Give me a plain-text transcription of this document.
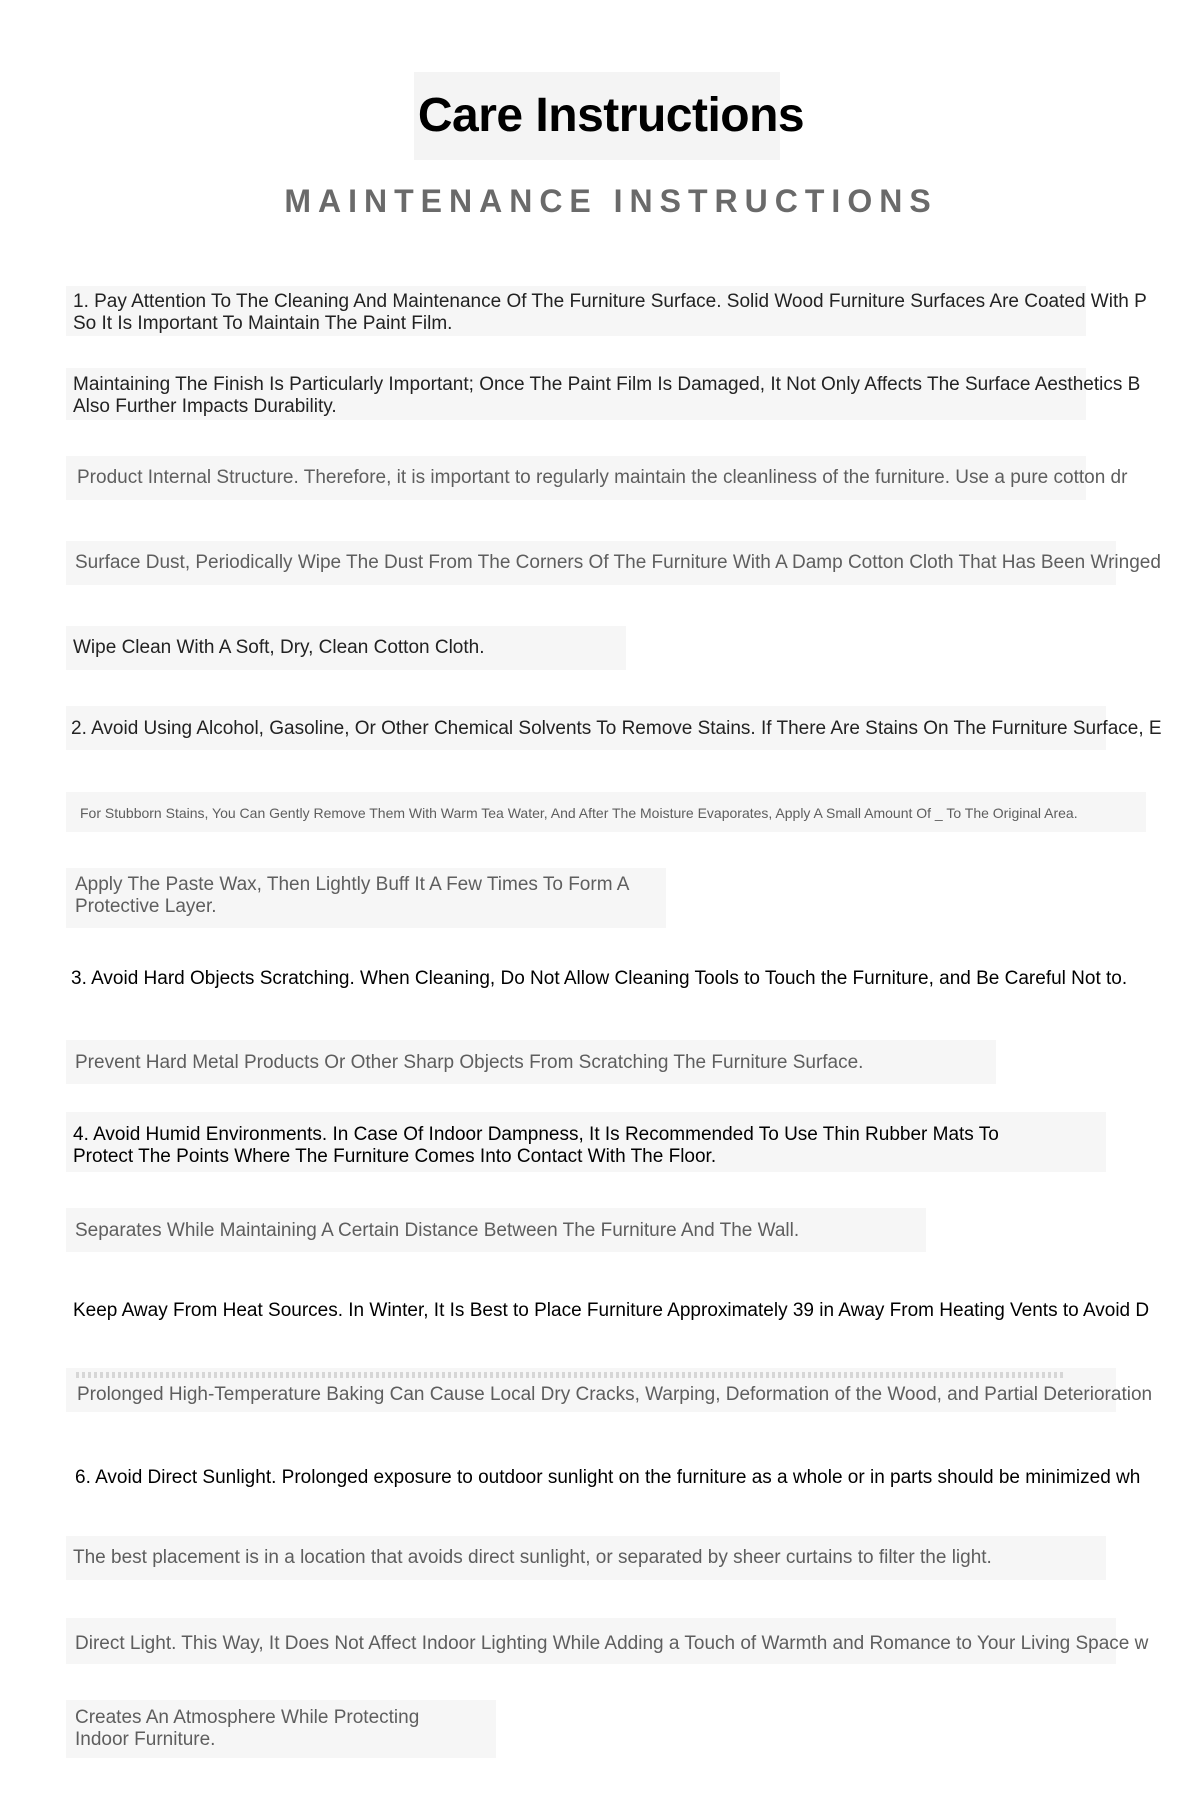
Care Instructions
MAINTENANCE INSTRUCTIONS

1. Pay Attention To The Cleaning And Maintenance Of The Furniture Surface. Solid Wood Furniture Surfaces Are Coated With P

So It Is Important To Maintain The Paint Film.

Maintaining The Finish Is Particularly Important; Once The Paint Film Is Damaged, It Not Only Affects The Surface Aesthetics B

Also Further Impacts Durability.

Product Internal Structure. Therefore, it is important to regularly maintain the cleanliness of the furniture. Use a pure cotton dr

Surface Dust, Periodically Wipe The Dust From The Corners Of The Furniture With A Damp Cotton Cloth That Has Been Wringed

Wipe Clean With A Soft, Dry, Clean Cotton Cloth.

2. Avoid Using Alcohol, Gasoline, Or Other Chemical Solvents To Remove Stains. If There Are Stains On The Furniture Surface, E

For Stubborn Stains, You Can Gently Remove Them With Warm Tea Water, And After The Moisture Evaporates, Apply A Small Amount Of _ To The Original Area.

Apply The Paste Wax, Then Lightly Buff It A Few Times To Form A

Protective Layer.

3. Avoid Hard Objects Scratching. When Cleaning, Do Not Allow Cleaning Tools to Touch the Furniture, and Be Careful Not to.

Prevent Hard Metal Products Or Other Sharp Objects From Scratching The Furniture Surface.

4. Avoid Humid Environments. In Case Of Indoor Dampness, It Is Recommended To Use Thin Rubber Mats To

Protect The Points Where The Furniture Comes Into Contact With The Floor.

Separates While Maintaining A Certain Distance Between The Furniture And The Wall.

Keep Away From Heat Sources. In Winter, It Is Best to Place Furniture Approximately 39 in Away From Heating Vents to Avoid D

Prolonged High-Temperature Baking Can Cause Local Dry Cracks, Warping, Deformation of the Wood, and Partial Deterioration

6. Avoid Direct Sunlight. Prolonged exposure to outdoor sunlight on the furniture as a whole or in parts should be minimized wh

The best placement is in a location that avoids direct sunlight, or separated by sheer curtains to filter the light.

Direct Light. This Way, It Does Not Affect Indoor Lighting While Adding a Touch of Warmth and Romance to Your Living Space w

Creates An Atmosphere While Protecting

Indoor Furniture.
